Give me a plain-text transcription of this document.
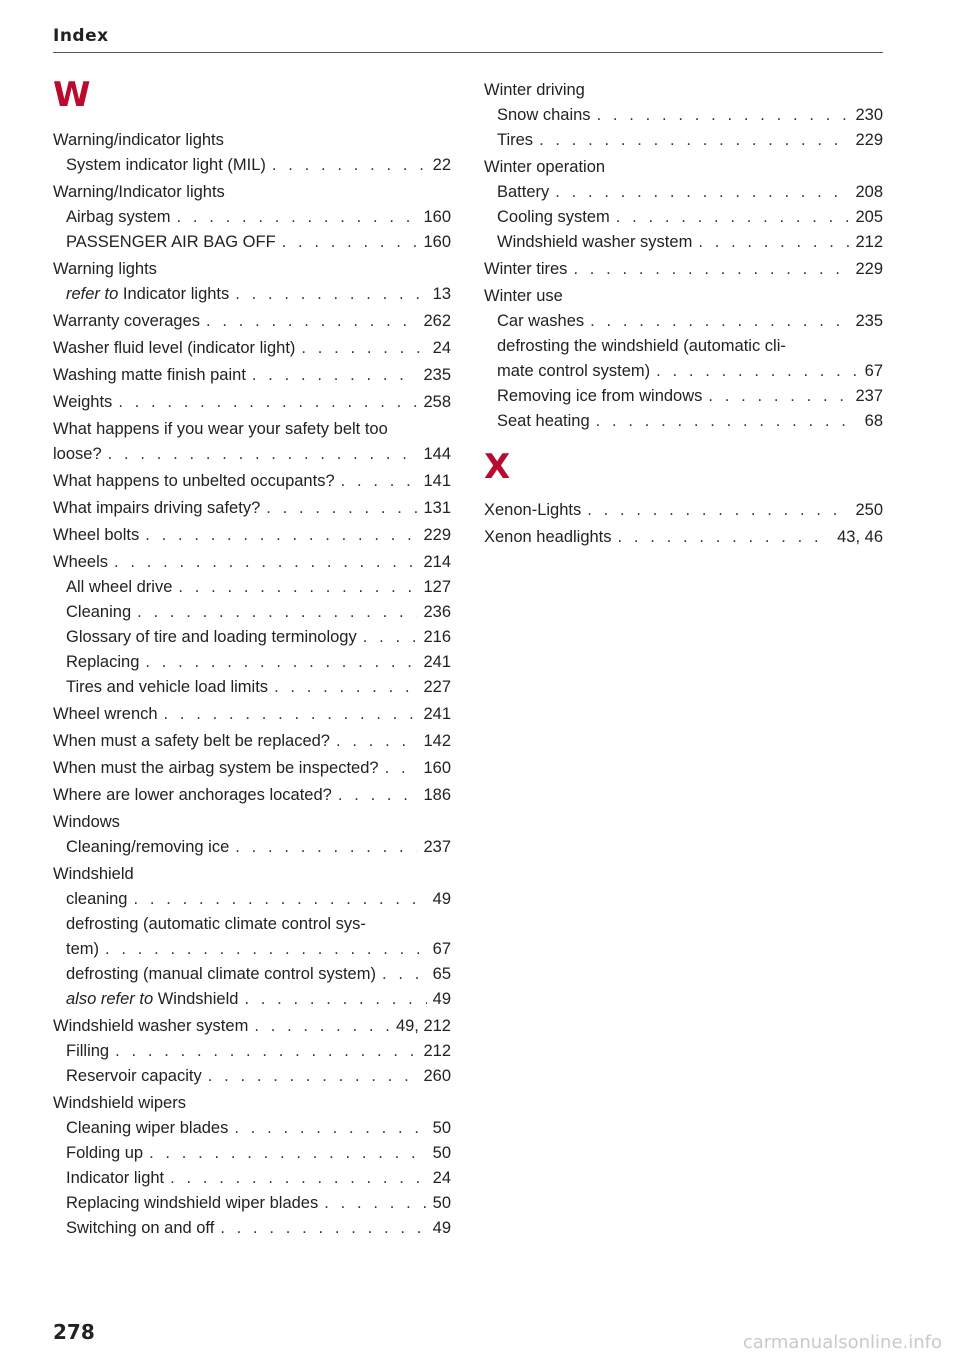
Index
W
Warning/indicator lights
System indicator light (MIL) . . .	22
Warning/Indicator lights
Airbag system . . .	160
PASSENGER AIR BAG OFF . . .	160
Warning lights
refer to Indicator lights . . .	13
Warranty coverages . . .	262
Washer fluid level (indicator light) . . .	24
Washing matte finish paint . . .	235
Weights . . .	258
What happens if you wear your safety belt too
loose? . . .	144
What happens to unbelted occupants? . . .	141
What impairs driving safety? . . .	131
Wheel bolts . . .	229
Wheels . . .	214
All wheel drive . . .	127
Cleaning . . .	236
Glossary of tire and loading terminology . . .	216
Replacing . . .	241
Tires and vehicle load limits . . .	227
Wheel wrench . . .	241
When must a safety belt be replaced? . . .	142
When must the airbag system be inspected? . . .	160
Where are lower anchorages located? . . .	186
Windows
Cleaning/removing ice . . .	237
Windshield
cleaning . . .	49
defrosting (automatic climate control sys-
tem) . . .	67
defrosting (manual climate control system) . . .	65
also refer to Windshield . . .	49
Windshield washer system . . .	49, 212
Filling . . .	212
Reservoir capacity . . .	260
Windshield wipers
Cleaning wiper blades . . .	50
Folding up . . .	50
Indicator light . . .	24
Replacing windshield wiper blades . . .	50
Switching on and off . . .	49
Winter driving
Snow chains . . .	230
Tires . . .	229
Winter operation
Battery . . .	208
Cooling system . . .	205
Windshield washer system . . .	212
Winter tires . . .	229
Winter use
Car washes . . .	235
defrosting the windshield (automatic cli-
mate control system) . . .	67
Removing ice from windows . . .	237
Seat heating . . .	68
X
Xenon-Lights . . .	250
Xenon headlights . . .	43, 46
278	carmanualsonline.info
